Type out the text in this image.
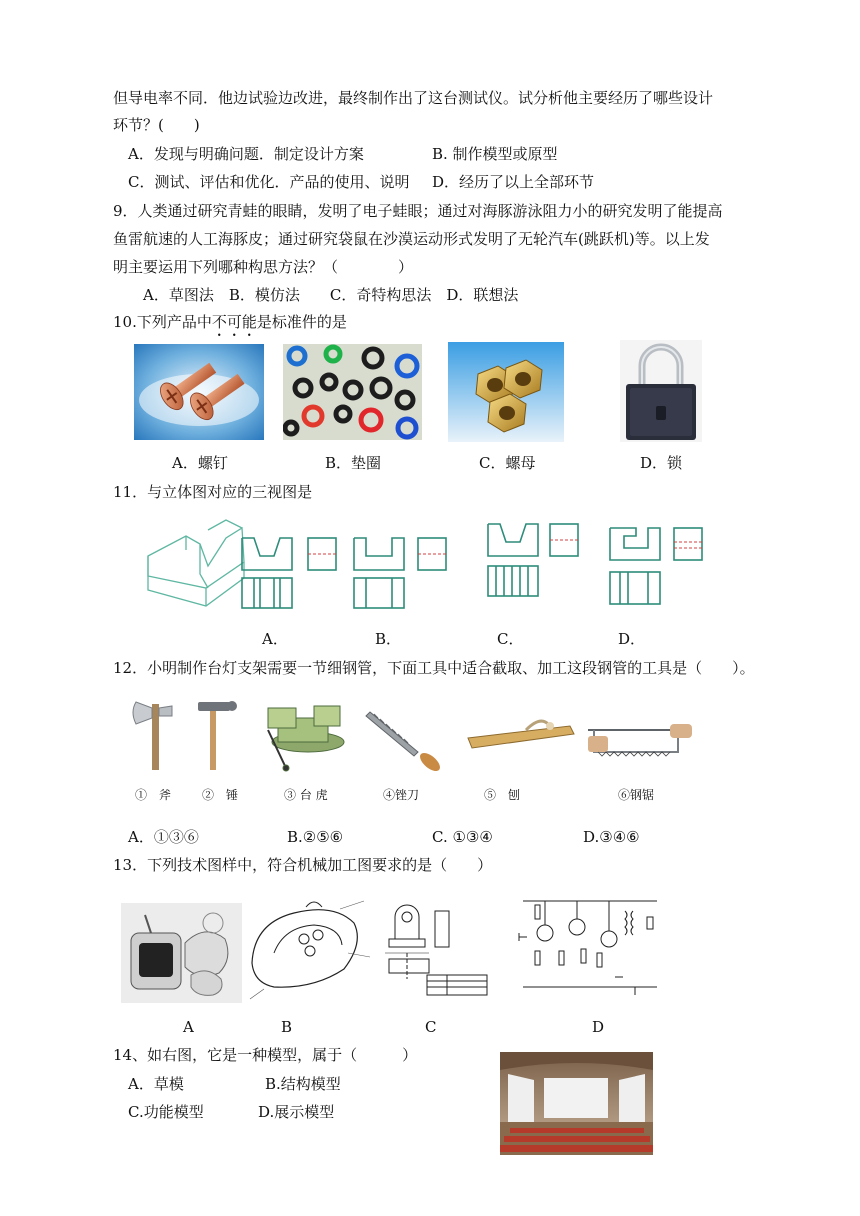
但导电率不同．他边试验边改进，最终制作出了这台测试仪。试分析他主要经历了哪些设计
环节？(　　)
A．发现与明确问题．制定设计方案	B. 制作模型或原型
C．测试、评估和优化．产品的使用、说明 D．经历了以上全部环节
9．人类通过研究青蛙的眼睛，发明了电子蛙眼；通过对海豚游泳阻力小的研究发明了能提高
鱼雷航速的人工海豚皮；通过研究袋鼠在沙漠运动形式发明了无轮汽车(跳跃机)等。以上发
明主要运用下列哪种构思方法？（　　　　）
A．草图法　B．模仿法　　C．奇特构思法　D．联想法
10.下列产品中不可能是标准件的是
A．螺钉	B．垫圈	C．螺母	D．锁
11．与立体图对应的三视图是
A．	B．	C．	D．
12．小明制作台灯支架需要一节细钢管，下面工具中适合截取、加工这段钢管的工具是（　　）。
①　斧	②　锤	③ 台 虎	④锉刀	⑤　刨	⑥钢锯
A．①③⑥	B.②⑤⑥	C. ①③④	D.③④⑥
13．下列技术图样中，符合机械加工图要求的是（　　）
A	B	C	D
14、如右图，它是一种模型，属于（　　　）
A．草模	B.结构模型
C.功能模型	D.展示模型
